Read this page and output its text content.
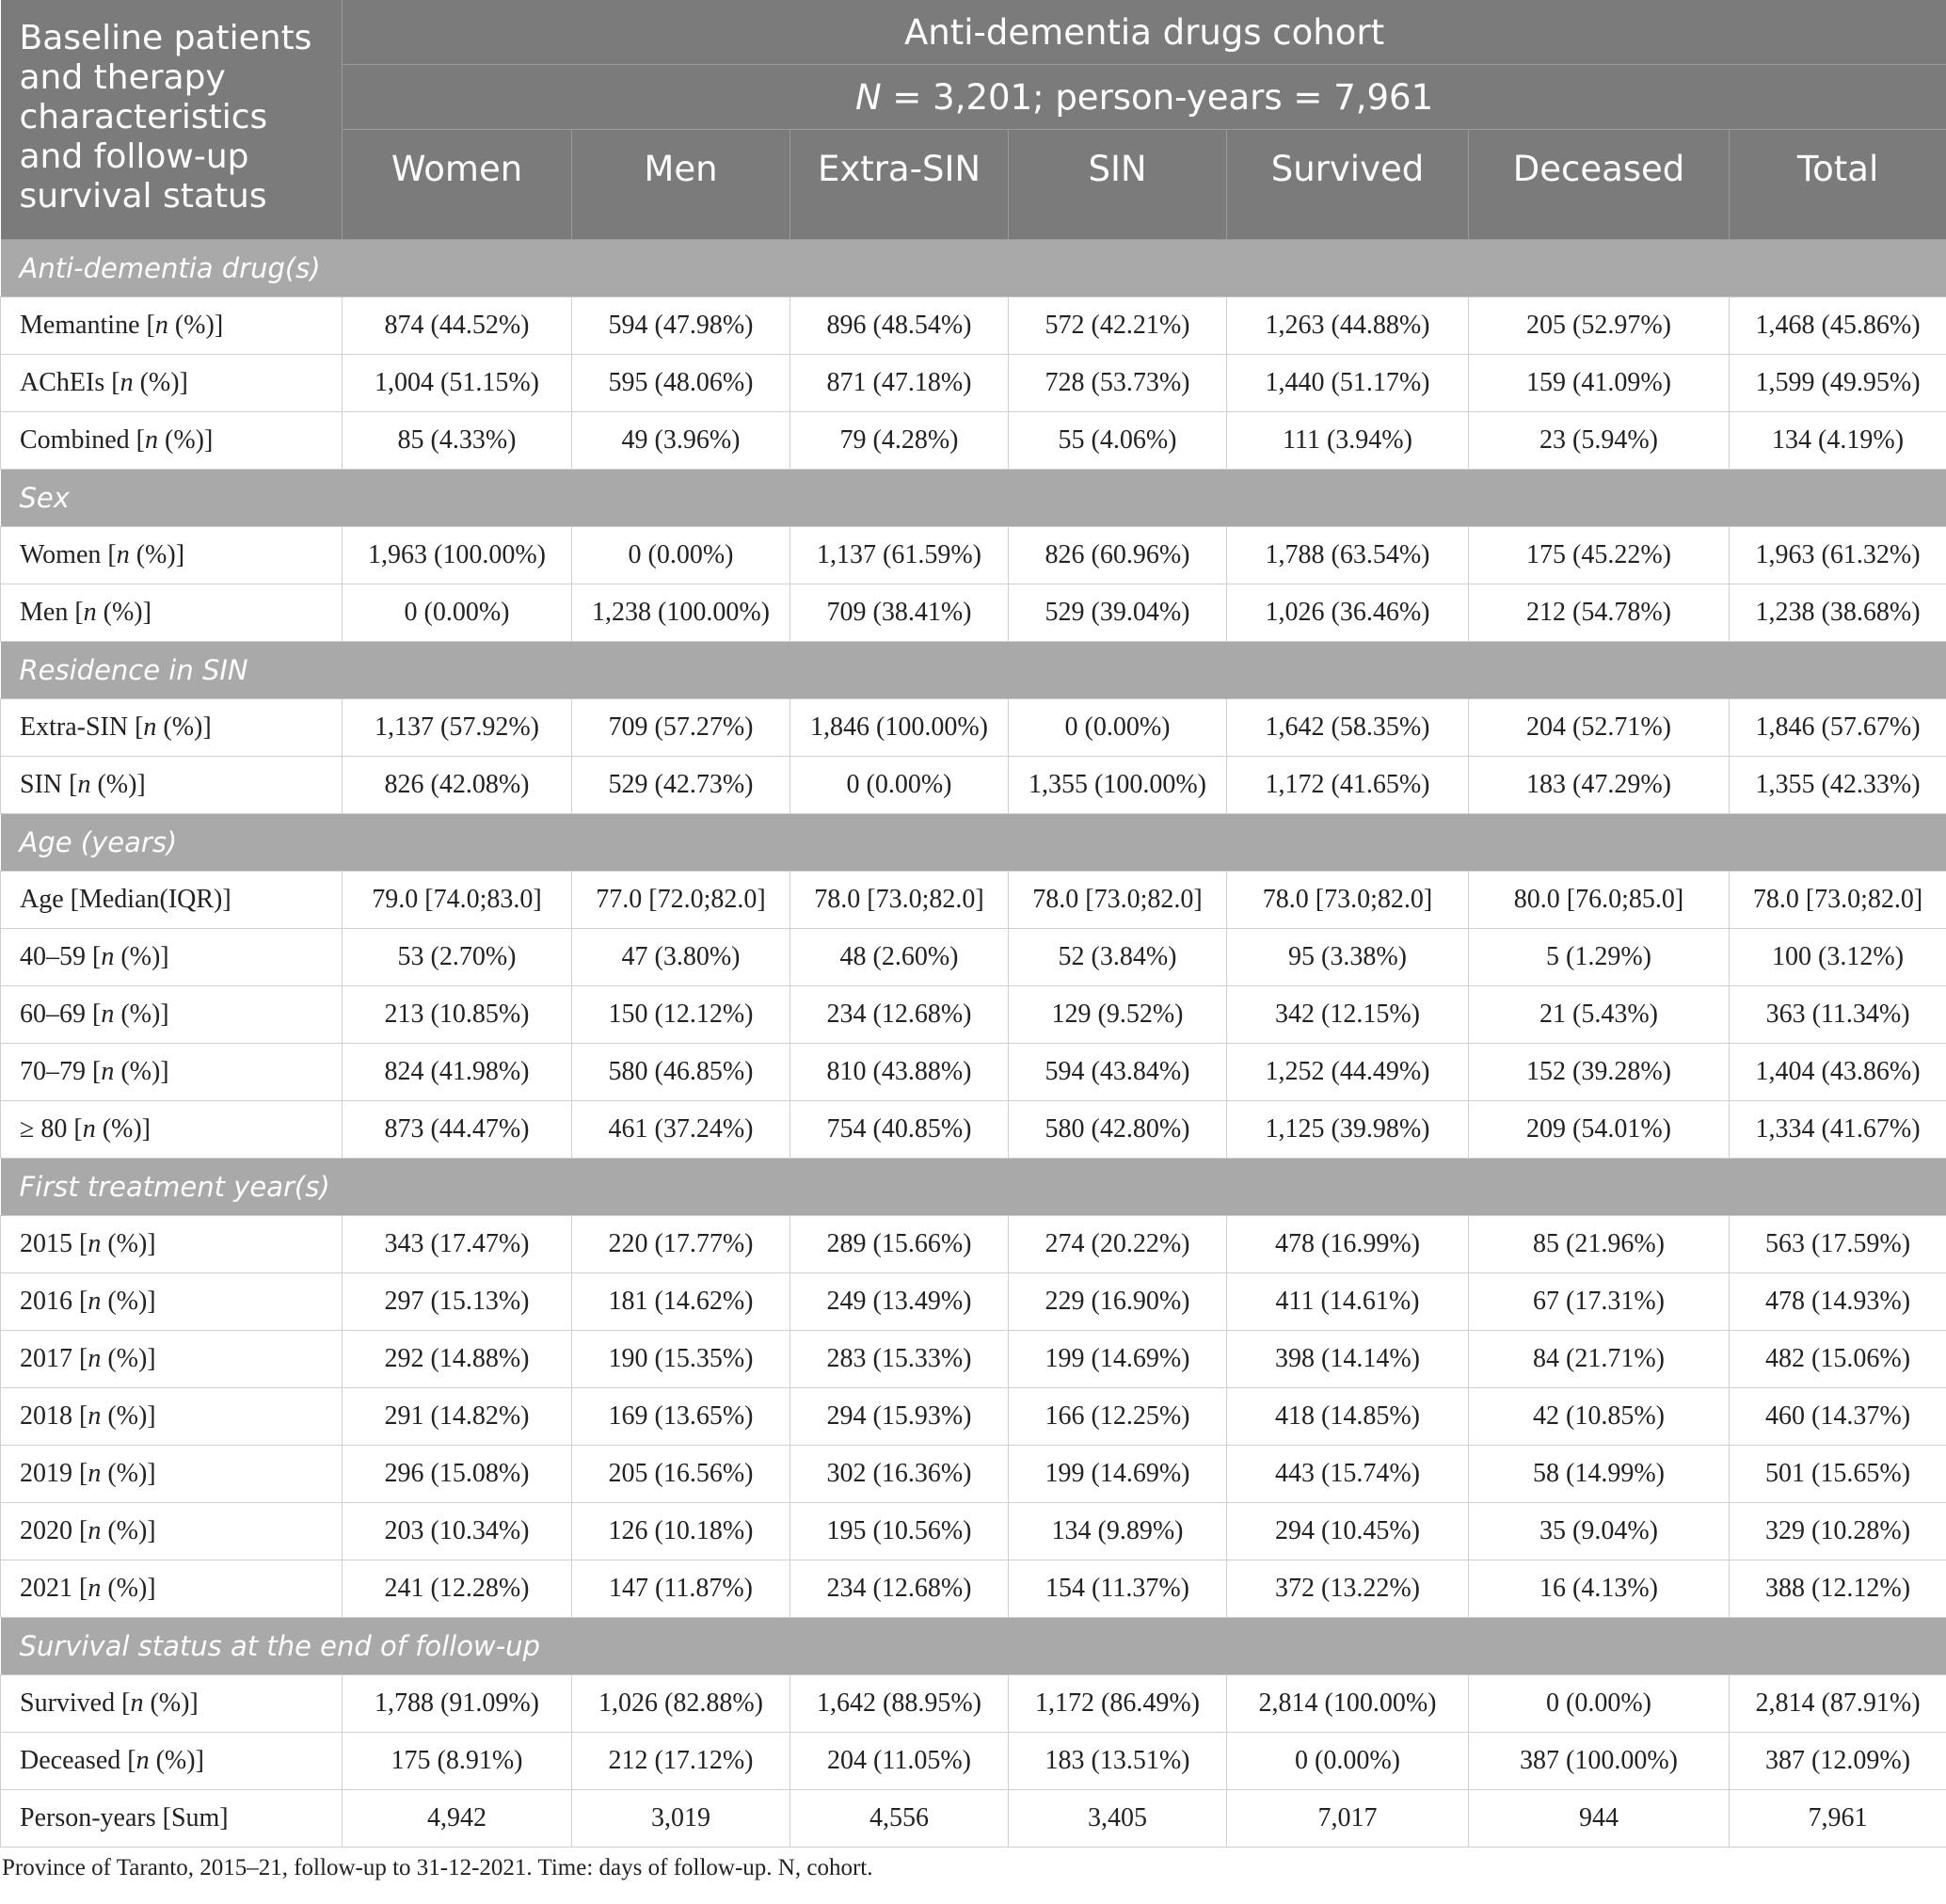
Baseline patients
and therapy
characteristics
and follow-up
survival status	Anti-dementia drugs cohort						
	N = 3,201; person-years = 7,961						
	Women	Men	Extra-SIN	SIN	Survived	Deceased	Total
Anti-dementia drug(s)							
Memantine [n (%)]	874 (44.52%)	594 (47.98%)	896 (48.54%)	572 (42.21%)	1,263 (44.88%)	205 (52.97%)	1,468 (45.86%)
AChEIs [n (%)]	1,004 (51.15%)	595 (48.06%)	871 (47.18%)	728 (53.73%)	1,440 (51.17%)	159 (41.09%)	1,599 (49.95%)
Combined [n (%)]	85 (4.33%)	49 (3.96%)	79 (4.28%)	55 (4.06%)	111 (3.94%)	23 (5.94%)	134 (4.19%)
Sex							
Women [n (%)]	1,963 (100.00%)	0 (0.00%)	1,137 (61.59%)	826 (60.96%)	1,788 (63.54%)	175 (45.22%)	1,963 (61.32%)
Men [n (%)]	0 (0.00%)	1,238 (100.00%)	709 (38.41%)	529 (39.04%)	1,026 (36.46%)	212 (54.78%)	1,238 (38.68%)
Residence in SIN							
Extra-SIN [n (%)]	1,137 (57.92%)	709 (57.27%)	1,846 (100.00%)	0 (0.00%)	1,642 (58.35%)	204 (52.71%)	1,846 (57.67%)
SIN [n (%)]	826 (42.08%)	529 (42.73%)	0 (0.00%)	1,355 (100.00%)	1,172 (41.65%)	183 (47.29%)	1,355 (42.33%)
Age (years)							
Age [Median(IQR)]	79.0 [74.0;83.0]	77.0 [72.0;82.0]	78.0 [73.0;82.0]	78.0 [73.0;82.0]	78.0 [73.0;82.0]	80.0 [76.0;85.0]	78.0 [73.0;82.0]
40–59 [n (%)]	53 (2.70%)	47 (3.80%)	48 (2.60%)	52 (3.84%)	95 (3.38%)	5 (1.29%)	100 (3.12%)
60–69 [n (%)]	213 (10.85%)	150 (12.12%)	234 (12.68%)	129 (9.52%)	342 (12.15%)	21 (5.43%)	363 (11.34%)
70–79 [n (%)]	824 (41.98%)	580 (46.85%)	810 (43.88%)	594 (43.84%)	1,252 (44.49%)	152 (39.28%)	1,404 (43.86%)
≥ 80 [n (%)]	873 (44.47%)	461 (37.24%)	754 (40.85%)	580 (42.80%)	1,125 (39.98%)	209 (54.01%)	1,334 (41.67%)
First treatment year(s)							
2015 [n (%)]	343 (17.47%)	220 (17.77%)	289 (15.66%)	274 (20.22%)	478 (16.99%)	85 (21.96%)	563 (17.59%)
2016 [n (%)]	297 (15.13%)	181 (14.62%)	249 (13.49%)	229 (16.90%)	411 (14.61%)	67 (17.31%)	478 (14.93%)
2017 [n (%)]	292 (14.88%)	190 (15.35%)	283 (15.33%)	199 (14.69%)	398 (14.14%)	84 (21.71%)	482 (15.06%)
2018 [n (%)]	291 (14.82%)	169 (13.65%)	294 (15.93%)	166 (12.25%)	418 (14.85%)	42 (10.85%)	460 (14.37%)
2019 [n (%)]	296 (15.08%)	205 (16.56%)	302 (16.36%)	199 (14.69%)	443 (15.74%)	58 (14.99%)	501 (15.65%)
2020 [n (%)]	203 (10.34%)	126 (10.18%)	195 (10.56%)	134 (9.89%)	294 (10.45%)	35 (9.04%)	329 (10.28%)
2021 [n (%)]	241 (12.28%)	147 (11.87%)	234 (12.68%)	154 (11.37%)	372 (13.22%)	16 (4.13%)	388 (12.12%)
Survival status at the end of follow-up							
Survived [n (%)]	1,788 (91.09%)	1,026 (82.88%)	1,642 (88.95%)	1,172 (86.49%)	2,814 (100.00%)	0 (0.00%)	2,814 (87.91%)
Deceased [n (%)]	175 (8.91%)	212 (17.12%)	204 (11.05%)	183 (13.51%)	0 (0.00%)	387 (100.00%)	387 (12.09%)
Person-years [Sum]	4,942	3,019	4,556	3,405	7,017	944	7,961
Province of Taranto, 2015–21, follow-up to 31-12-2021. Time: days of follow-up. N, cohort.
